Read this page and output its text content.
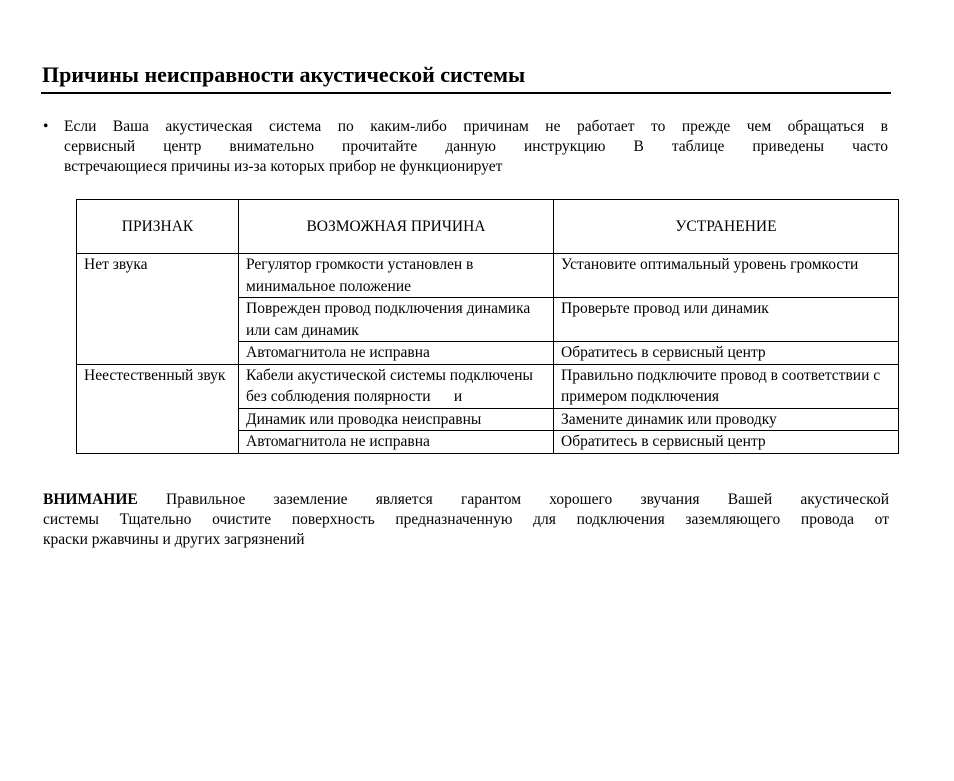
Причины неисправности акустической системы
• Если Ваша акустическая система по каким-либо причинам не работает то прежде чем обращаться в
сервисный центр внимательно прочитайте данную инструкцию В таблице приведены часто
встречающиеся причины из-за которых прибор не функционирует
ПРИЗНАК	ВОЗМОЖНАЯ ПРИЧИНА	УСТРАНЕНИЕ
Нет звука	Регулятор громкости установлен в минимальное положение	Установите оптимальный уровень громкости
	Поврежден провод подключения динамика или сам динамик	Проверьте провод или динамик
	Автомагнитола не исправна	Обратитесь в сервисный центр
Неестественный звук	Кабели акустической системы подключены без соблюдения полярности      и	Правильно подключите провод в соответствии с примером подключения
	Динамик или проводка неисправны	Замените динамик или проводку
	Автомагнитола не исправна	Обратитесь в сервисный центр
ВНИМАНИЕ Правильное заземление является гарантом хорошего звучания Вашей акустической
системы Тщательно очистите поверхность предназначенную для подключения заземляющего провода от
краски ржавчины и других загрязнений
